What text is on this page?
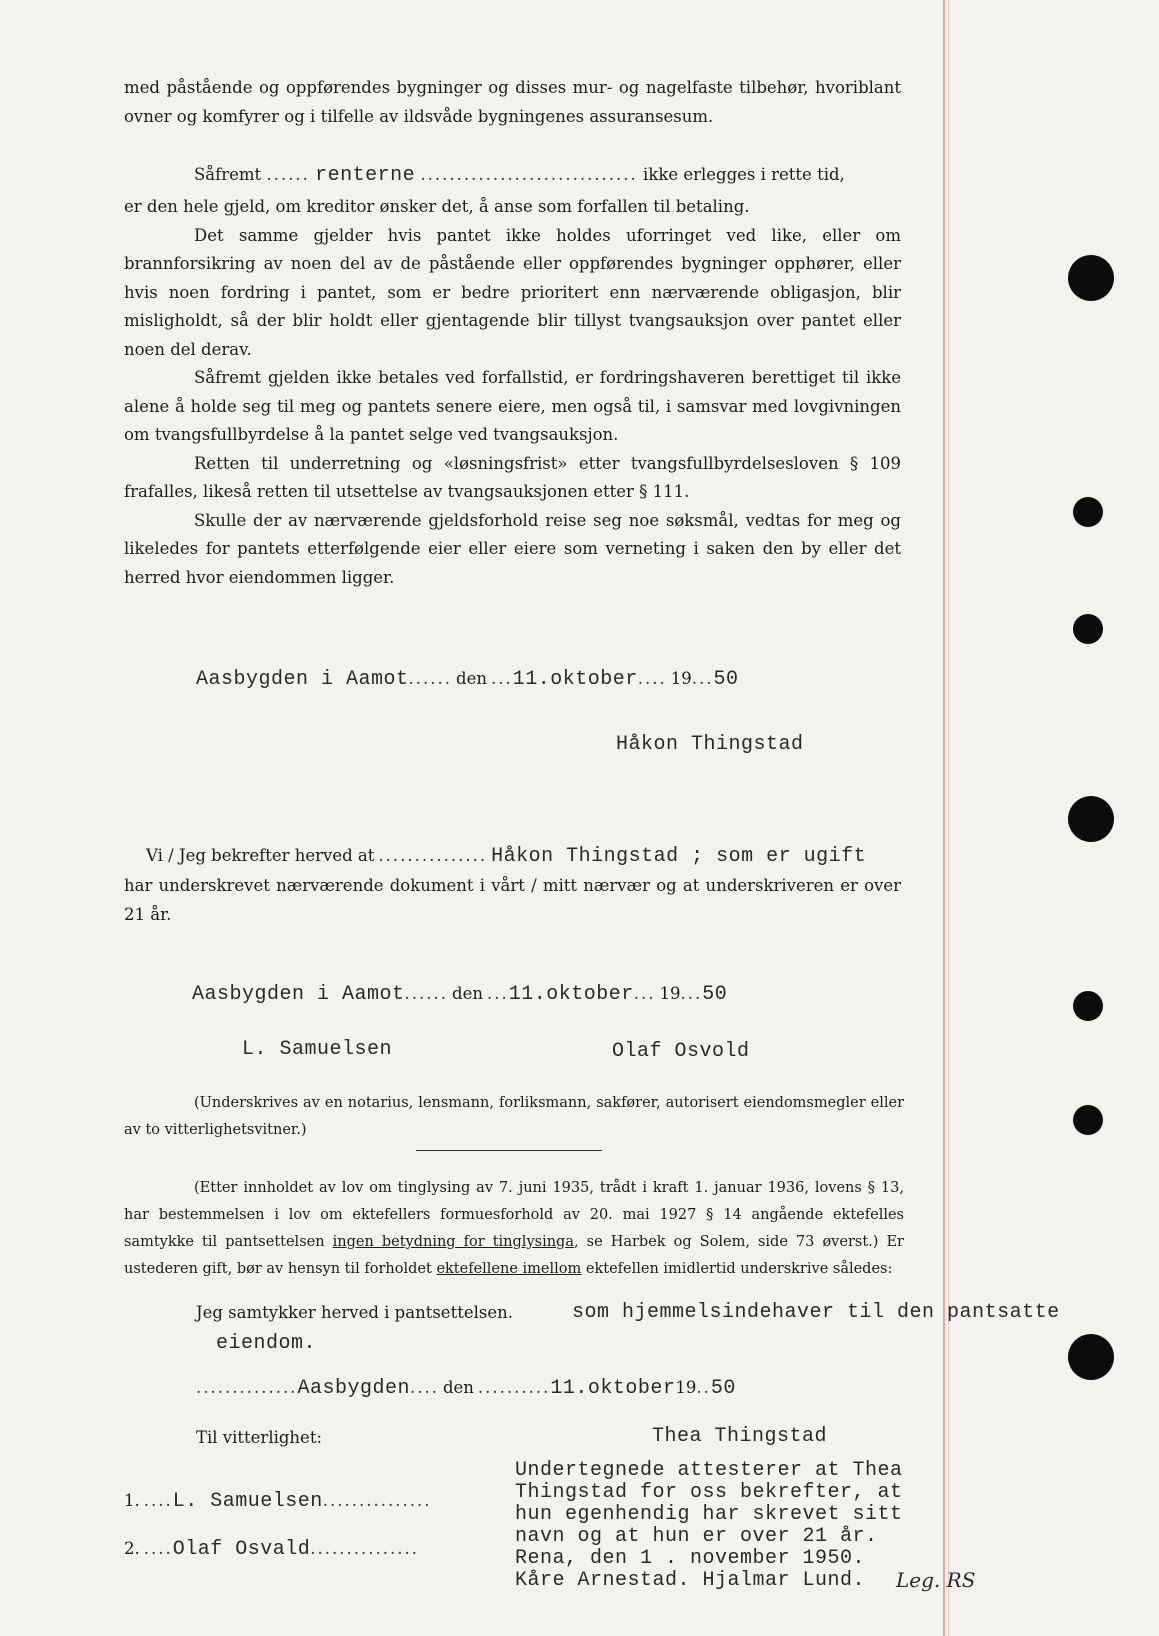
med påstående og oppførendes bygninger og disses mur- og nagelfaste tilbehør, hvoriblant ovner og komfyrer og i tilfelle av ildsvåde bygningenes assuransesum.

Såfremt ...... renterne .............................. ikke erlegges i rette tid,

er den hele gjeld, om kreditor ønsker det, å anse som forfallen til betaling.

Det samme gjelder hvis pantet ikke holdes uforringet ved like, eller om brannforsikring av noen del av de påstående eller oppførendes bygninger opphører, eller hvis noen fordring i pantet, som er bedre prioritert enn nærværende obligasjon, blir misligholdt, så der blir holdt eller gjentagende blir tillyst tvangsauksjon over pantet eller noen del derav.

Såfremt gjelden ikke betales ved forfallstid, er fordringshaveren berettiget til ikke alene å holde seg til meg og pantets senere eiere, men også til, i samsvar med lovgivningen om tvangsfullbyrdelse å la pantet selge ved tvangsauksjon.

Retten til underretning og «løsningsfrist» etter tvangsfullbyrdelsesloven § 109 frafalles, likeså retten til utsettelse av tvangsauksjonen etter § 111.

Skulle der av nærværende gjeldsforhold reise seg noe søksmål, vedtas for meg og likeledes for pantets etterfølgende eier eller eiere som verneting i saken den by eller det herred hvor eiendommen ligger.

Aasbygden i Aamot...... den ...11.oktober.... 19...50
Håkon Thingstad
Vi / Jeg bekrefter herved at ............... Håkon Thingstad ; som er ugift

har underskrevet nærværende dokument i vårt / mitt nærvær og at underskriveren er over 21 år.

Aasbygden i Aamot...... den ...11.oktober... 19...50
L. Samuelsen	Olaf Osvold

(Underskrives av en notarius, lensmann, forliksmann, sakfører, autorisert eiendomsmegler eller av to vitterlighetsvitner.)

(Etter innholdet av lov om tinglysing av 7. juni 1935, trådt i kraft 1. januar 1936, lovens § 13, har bestemmelsen i lov om ektefellers formuesforhold av 20. mai 1927 § 14 angående ektefelles samtykke til pantsettelsen ingen betydning for tinglysinga, se Harbek og Solem, side 73 øverst.) Er ustederen gift, bør av hensyn til forholdet ektefellene imellom ektefellen imidlertid underskrive således:

Jeg samtykker herved i pantsettelsen.	som hjemmelsindehaver til den pantsatte
eiendom.
..............Aasbygden.... den ..........11.oktober19..50
Til vitterlighet:	Thea Thingstad
1. ....L. Samuelsen...............
2. ....Olaf Osvald...............
Undertegnede attesterer at Thea
Thingstad for oss bekrefter, at
hun egenhendig har skrevet sitt
navn og at hun er over 21 år.
Rena, den 1 . november 1950.
Kåre Arnestad. Hjalmar Lund.	Leg. RS
